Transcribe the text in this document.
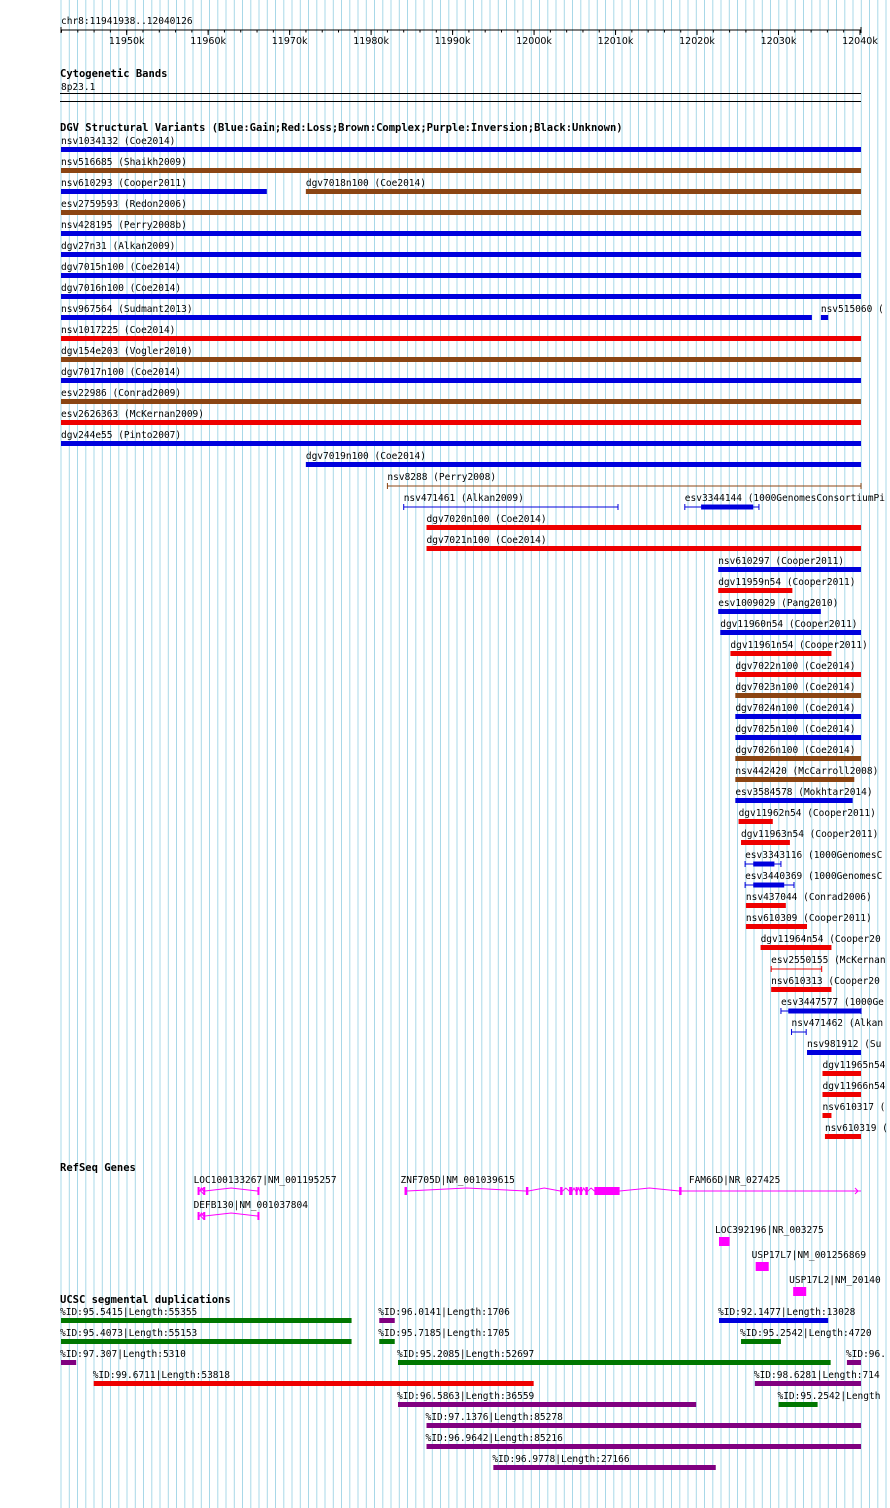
chr8:11941938..12040126
11950k	11960k	11970k	11980k	11990k	12000k	12010k	12020k	12030k	12040k
Cytogenetic Bands
8p23.1
DGV Structural Variants (Blue:Gain;Red:Loss;Brown:Complex;Purple:Inversion;Black:Unknown)
nsv1034132 (Coe2014)
nsv516685 (Shaikh2009)
nsv610293 (Cooper2011)	dgv7018n100 (Coe2014)
esv2759593 (Redon2006)
nsv428195 (Perry2008b)
dgv27n31 (Alkan2009)
dgv7015n100 (Coe2014)
dgv7016n100 (Coe2014)
nsv967564 (Sudmant2013)	nsv515060 (
nsv1017225 (Coe2014)
dgv154e203 (Vogler2010)
dgv7017n100 (Coe2014)
esv22986 (Conrad2009)
esv2626363 (McKernan2009)
dgv244e55 (Pinto2007)
dgv7019n100 (Coe2014)
nsv8288 (Perry2008)
nsv471461 (Alkan2009)	esv3344144 (1000GenomesConsortiumPi
dgv7020n100 (Coe2014)
dgv7021n100 (Coe2014)
nsv610297 (Cooper2011)
dgv11959n54 (Cooper2011)
esv1009029 (Pang2010)
dgv11960n54 (Cooper2011)
dgv11961n54 (Cooper2011)
dgv7022n100 (Coe2014)
dgv7023n100 (Coe2014)
dgv7024n100 (Coe2014)
dgv7025n100 (Coe2014)
dgv7026n100 (Coe2014)
nsv442420 (McCarroll2008)
esv3584578 (Mokhtar2014)
dgv11962n54 (Cooper2011)
dgv11963n54 (Cooper2011)
esv3343116 (1000GenomesC
esv3440369 (1000GenomesC
nsv437044 (Conrad2006)
nsv610309 (Cooper2011)
dgv11964n54 (Cooper20
esv2550155 (McKernan
nsv610313 (Cooper20
esv3447577 (1000Ge
nsv471462 (Alkan
nsv981912 (Su
dgv11965n54
dgv11966n54
nsv610317 (
nsv610319 (
RefSeq Genes
LOC100133267|NM_001195257	ZNF705D|NM_001039615	FAM66D|NR_027425
DEFB130|NM_001037804
LOC392196|NR_003275
USP17L7|NM_001256869
USP17L2|NM_20140
UCSC segmental duplications
%ID:95.5415|Length:55355	%ID:96.0141|Length:1706	%ID:92.1477|Length:13028
%ID:95.4073|Length:55153	%ID:95.7185|Length:1705	%ID:95.2542|Length:4720
%ID:97.307|Length:5310	%ID:95.2085|Length:52697	%ID:96.
%ID:99.6711|Length:53818	%ID:98.6281|Length:714
%ID:96.5863|Length:36559	%ID:95.2542|Length
%ID:97.1376|Length:85278
%ID:96.9642|Length:85216
%ID:96.9778|Length:27166
